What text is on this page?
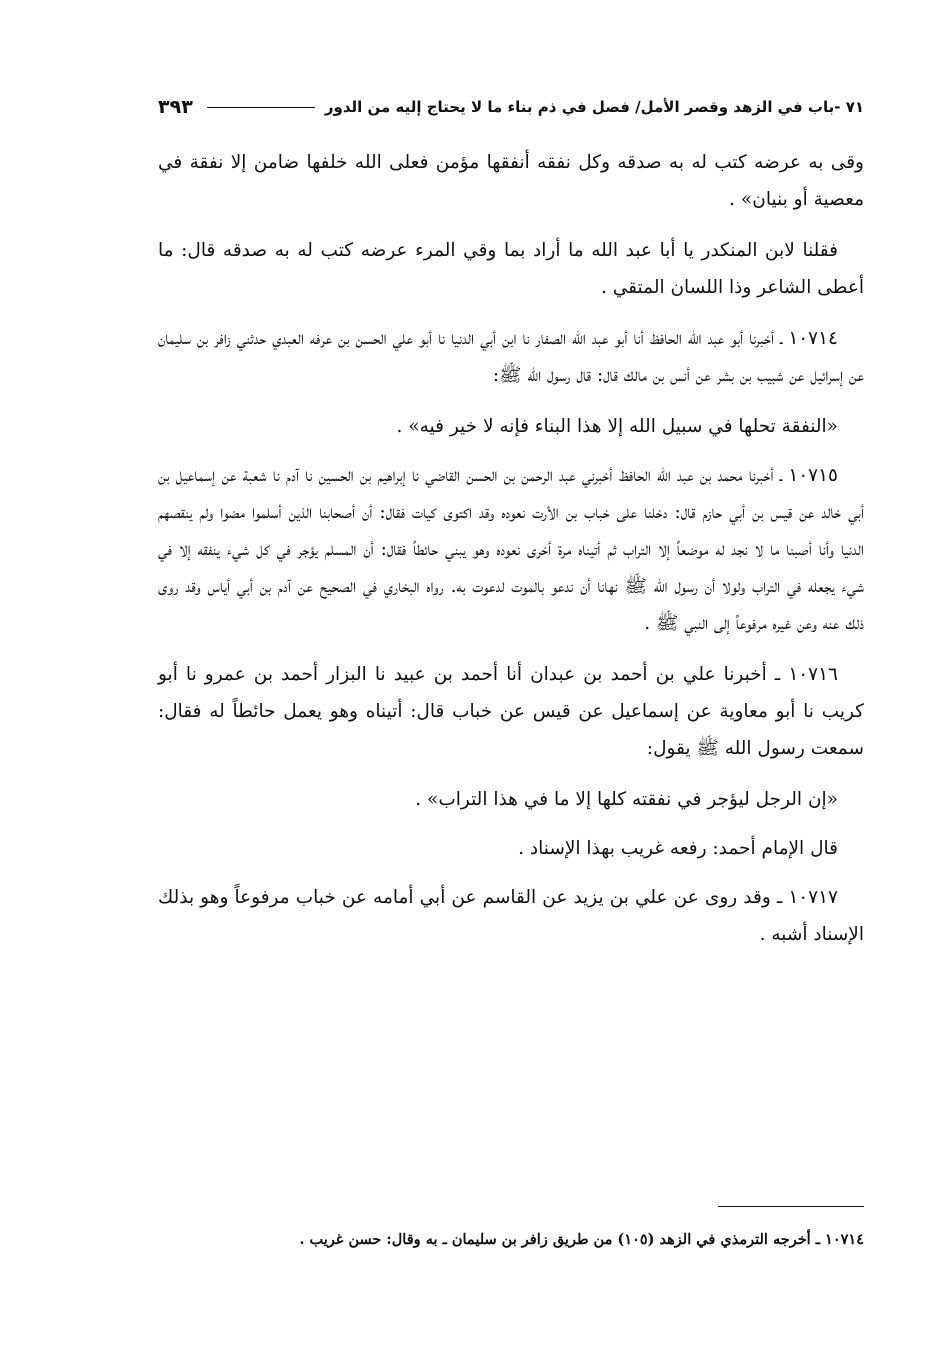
٧١ -باب في الزهد وقصر الأمل/ فصل في ذم بناء ما لا يحتاج إليه من الدور
٣٩٣

وقى به عرضه كتب له به صدقه وكل نفقه أنفقها مؤمن فعلى الله خلفها ضامن إلا نفقة في معصية أو بنيان» .

فقلنا لابن المنكدر يا أبا عبد الله ما أراد بما وقي المرء عرضه كتب له به صدقه قال: ما أعطى الشاعر وذا اللسان المتقي .

١٠٧١٤ ـ أخبرنا أبو عبد الله الحافظ أنا أبو عبد الله الصفار نا ابن أبي الدنيا نا أبو علي الحسن بن عرفه العبدي حدثني زافر بن سليمان عن إسرائيل عن شبيب بن بشر عن أنس بن مالك قال: قال رسول الله ﷺ:

«النفقة تحلها في سبيل الله إلا هذا البناء فإنه لا خير فيه» .

١٠٧١٥ ـ أخبرنا محمد بن عبد الله الحافظ أخبرني عبد الرحمن بن الحسن القاضي نا إبراهيم بن الحسين نا آدم نا شعبة عن إسماعيل بن أبي خالد عن قيس بن أبي حازم قال: دخلنا على خباب بن الأرت نعوده وقد اكتوى كيات فقال: أن أصحابنا الذين أسلموا مضوا ولم ينقصهم الدنيا وأنا أصبنا ما لا نجد له موضعاً إلا التراب ثم أتيناه مرة أخرى نعوده وهو يبني حائطاً فقال: أن المسلم يؤجر في كل شيء ينفقه إلا في شيء يجعله في التراب ولولا أن رسول الله ﷺ نهانا أن ندعو بالموت لدعوت به. رواه البخاري في الصحيح عن آدم بن أبي أياس وقد روى ذلك عنه وعن غيره مرفوعاً إلى النبي ﷺ .

١٠٧١٦ ـ أخبرنا علي بن أحمد بن عبدان أنا أحمد بن عبيد نا البزار أحمد بن عمرو نا أبو كريب نا أبو معاوية عن إسماعيل عن قيس عن خباب قال: أتيناه وهو يعمل حائطاً له فقال: سمعت رسول الله ﷺ يقول:

«إن الرجل ليؤجر في نفقته كلها إلا ما في هذا التراب» .

قال الإمام أحمد: رفعه غريب بهذا الإسناد .

١٠٧١٧ ـ وقد روى عن علي بن يزيد عن القاسم عن أبي أمامه عن خباب مرفوعاً وهو بذلك الإسناد أشبه .

١٠٧١٤ ـ أخرجه الترمذي في الزهد (١٠٥) من طريق زافر بن سليمان ـ به وقال: حسن غريب .
